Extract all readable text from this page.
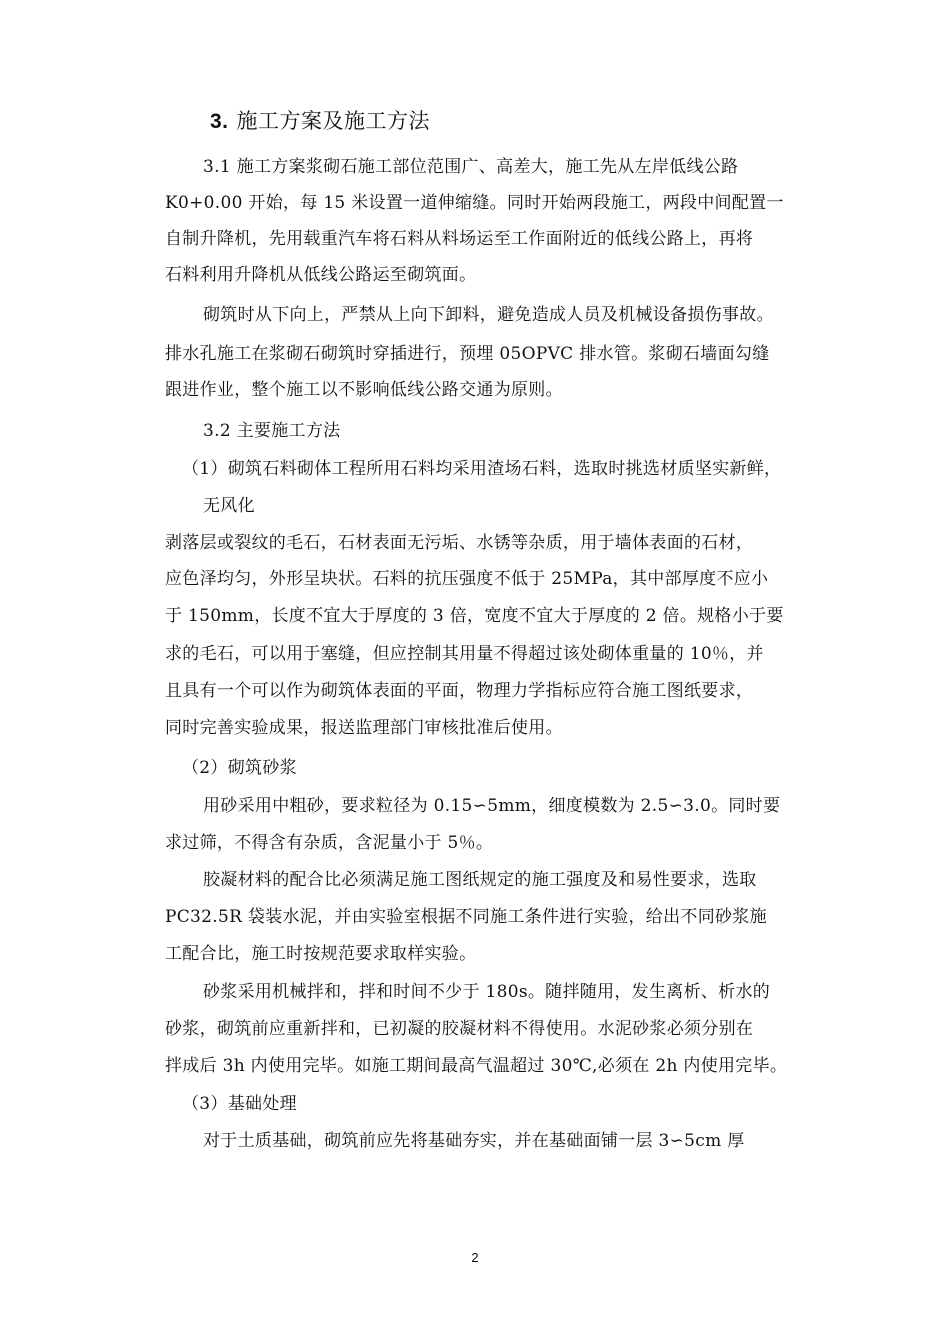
3. 施工方案及施工方法
3.1 施工方案浆砌石施工部位范围广、高差大，施工先从左岸低线公路
K0+0.00 开始，每 15 米设置一道伸缩缝。同时开始两段施工，两段中间配置一
自制升降机，先用载重汽车将石料从料场运至工作面附近的低线公路上，再将
石料利用升降机从低线公路运至砌筑面。
砌筑时从下向上，严禁从上向下卸料，避免造成人员及机械设备损伤事故。
排水孔施工在浆砌石砌筑时穿插进行，预埋 05OPVC 排水管。浆砌石墙面勾缝
跟进作业，整个施工以不影响低线公路交通为原则。
3.2 主要施工方法
（1）砌筑石料砌体工程所用石料均采用渣场石料，选取时挑选材质坚实新鲜，
无风化
剥落层或裂纹的毛石，石材表面无污垢、水锈等杂质，用于墙体表面的石材，
应色泽均匀，外形呈块状。石料的抗压强度不低于 25MPa，其中部厚度不应小
于 150mm，长度不宜大于厚度的 3 倍，宽度不宜大于厚度的 2 倍。规格小于要
求的毛石，可以用于塞缝，但应控制其用量不得超过该处砌体重量的 10％，并
且具有一个可以作为砌筑体表面的平面，物理力学指标应符合施工图纸要求，
同时完善实验成果，报送监理部门审核批准后使用。
（2）砌筑砂浆
用砂采用中粗砂，要求粒径为 0.15∽5mm，细度模数为 2.5∽3.0。同时要
求过筛，不得含有杂质，含泥量小于 5％。
胶凝材料的配合比必须满足施工图纸规定的施工强度及和易性要求，选取
PC32.5R 袋装水泥，并由实验室根据不同施工条件进行实验，给出不同砂浆施
工配合比，施工时按规范要求取样实验。
砂浆采用机械拌和，拌和时间不少于 180s。随拌随用，发生离析、析水的
砂浆，砌筑前应重新拌和，已初凝的胶凝材料不得使用。水泥砂浆必须分别在
拌成后 3h 内使用完毕。如施工期间最高气温超过 30℃,必须在 2h 内使用完毕。
（3）基础处理
对于土质基础，砌筑前应先将基础夯实，并在基础面铺一层 3∽5cm 厚
2
